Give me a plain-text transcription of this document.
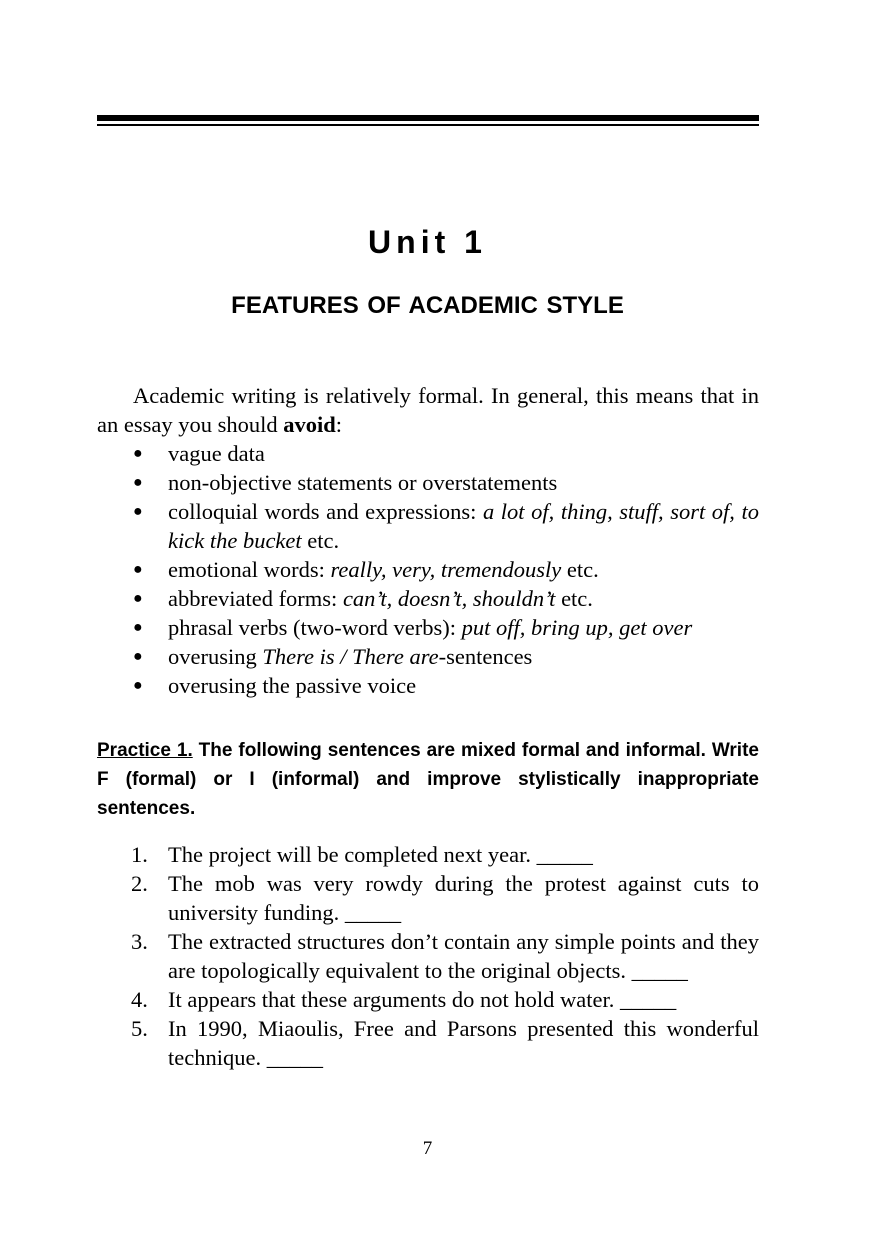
Unit 1
FEATURES OF ACADEMIC STYLE

Academic writing is relatively formal. In general, this means that in an essay you should avoid:

● vague data
● non-objective statements or overstatements
● colloquial words and expressions: a lot of, thing, stuff, sort of, to kick the bucket etc.
● emotional words: really, very, tremendously etc.
● abbreviated forms: can’t, doesn’t, shouldn’t etc.
● phrasal verbs (two-word verbs): put off, bring up, get over
● overusing There is / There are-sentences
● overusing the passive voice

Practice 1. The following sentences are mixed formal and informal. Write F (formal) or I (informal) and improve stylistically inappropriate sentences.

1. The project will be completed next year. _____
2. The mob was very rowdy during the protest against cuts to university funding. _____
3. The extracted structures don’t contain any simple points and they are topologically equivalent to the original objects. _____
4. It appears that these arguments do not hold water. _____
5. In 1990, Miaoulis, Free and Parsons presented this wonderful technique. _____
7
